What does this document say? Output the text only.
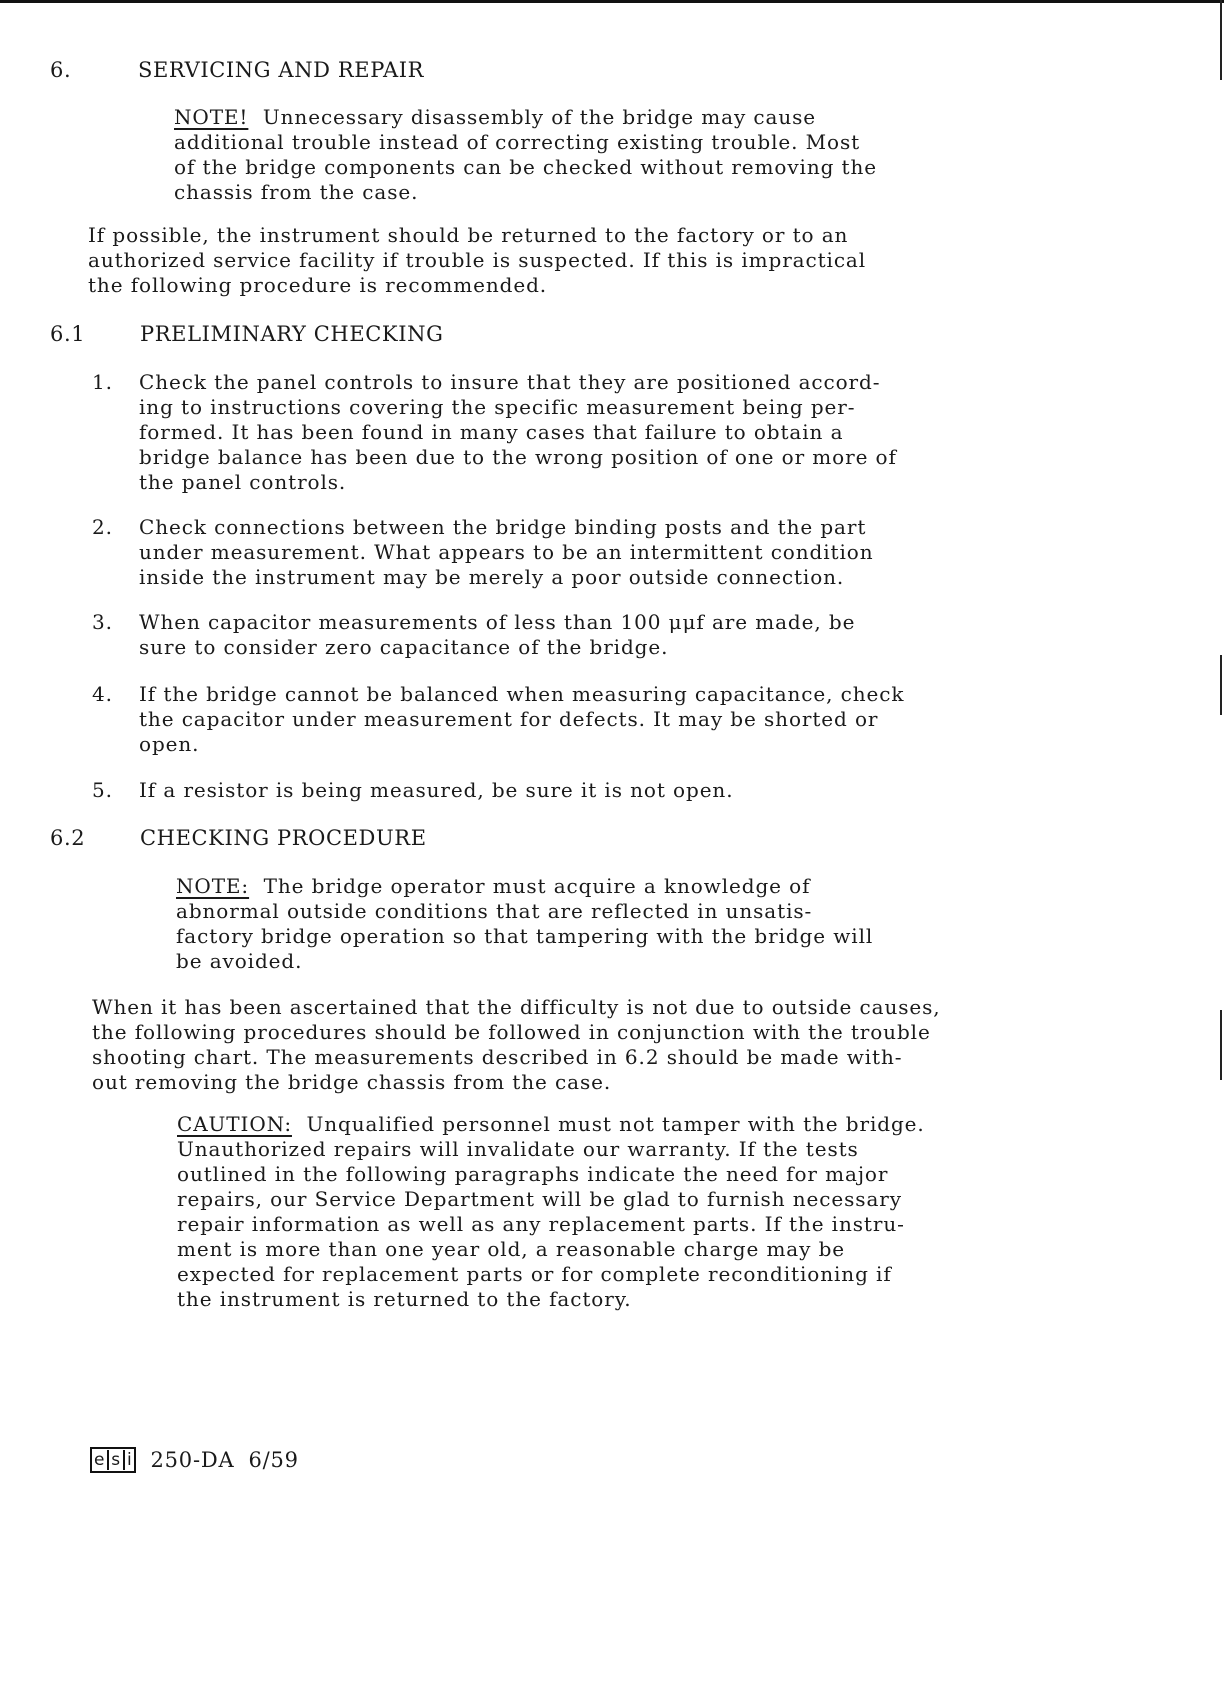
6.	SERVICING AND REPAIR

NOTE! Unnecessary disassembly of the bridge may cause

additional trouble instead of correcting existing trouble. Most

of the bridge components can be checked without removing the

chassis from the case.

If possible, the instrument should be returned to the factory or to an

authorized service facility if trouble is suspected. If this is impractical

the following procedure is recommended.

6.1	PRELIMINARY CHECKING
1. Check the panel controls to insure that they are positioned accord-
ing to instructions covering the specific measurement being per-
formed. It has been found in many cases that failure to obtain a
bridge balance has been due to the wrong position of one or more of
the panel controls.
2. Check connections between the bridge binding posts and the part
under measurement. What appears to be an intermittent condition
inside the instrument may be merely a poor outside connection.
3. When capacitor measurements of less than 100 μμf are made, be
sure to consider zero capacitance of the bridge.
4. If the bridge cannot be balanced when measuring capacitance, check
the capacitor under measurement for defects. It may be shorted or
open.
5. If a resistor is being measured, be sure it is not open.
6.2	CHECKING PROCEDURE

NOTE: The bridge operator must acquire a knowledge of

abnormal outside conditions that are reflected in unsatis-

factory bridge operation so that tampering with the bridge will

be avoided.

When it has been ascertained that the difficulty is not due to outside causes,

the following procedures should be followed in conjunction with the trouble

shooting chart. The measurements described in 6.2 should be made with-

out removing the bridge chassis from the case.

CAUTION: Unqualified personnel must not tamper with the bridge.

Unauthorized repairs will invalidate our warranty. If the tests

outlined in the following paragraphs indicate the need for major

repairs, our Service Department will be glad to furnish necessary

repair information as well as any replacement parts. If the instru-

ment is more than one year old, a reasonable charge may be

expected for replacement parts or for complete reconditioning if

the instrument is returned to the factory.

e s i 250-DA 6/59
